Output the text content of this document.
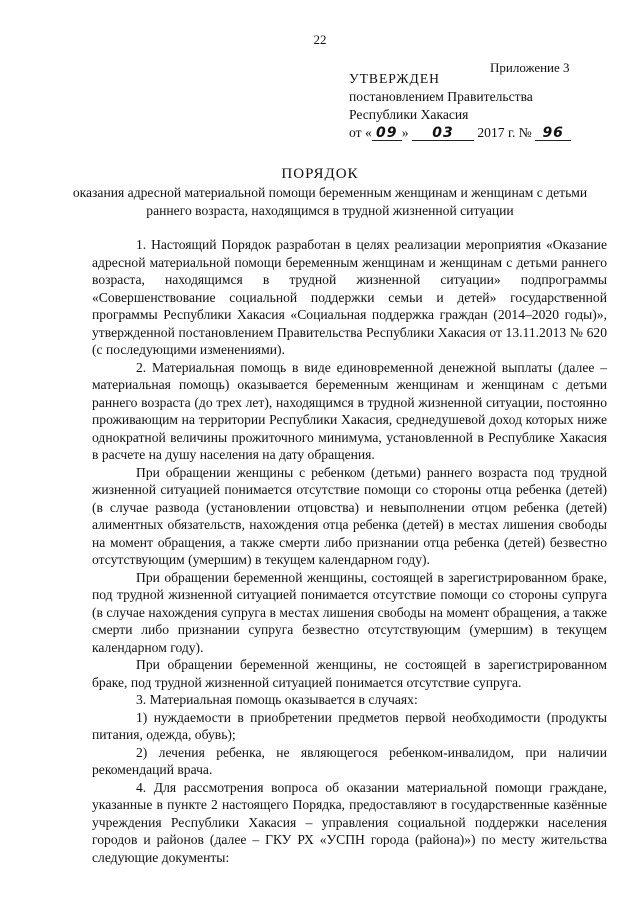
22
Приложение 3
УТВЕРЖДЕН
постановлением Правительства
Республики Хакасия
от « 09 » 03 2017 г. № 96
ПОРЯДОК
оказания адресной материальной помощи беременным женщинам и женщинам с детьми раннего возраста, находящимся в трудной жизненной ситуации

1. Настоящий Порядок разработан в целях реализации мероприятия «Оказание адресной материальной помощи беременным женщинам и женщинам с детьми раннего возраста, находящимся в трудной жизненной ситуации» подпрограммы «Совершенствование социальной поддержки семьи и детей» государственной программы Республики Хакасия «Социальная поддержка граждан (2014–2020 годы)», утвержденной постановлением Правительства Республики Хакасия от 13.11.2013 № 620 (с последующими изменениями).

2. Материальная помощь в виде единовременной денежной выплаты (далее – материальная помощь) оказывается беременным женщинам и женщинам с детьми раннего возраста (до трех лет), находящимся в трудной жизненной ситуации, постоянно проживающим на территории Республики Хакасия, среднедушевой доход которых ниже однократной величины прожиточного минимума, установленной в Республике Хакасия в расчете на душу населения на дату обращения.

При обращении женщины с ребенком (детьми) раннего возраста под трудной жизненной ситуацией понимается отсутствие помощи со стороны отца ребенка (детей) (в случае развода (установлении отцовства) и невыполнении отцом ребенка (детей) алиментных обязательств, нахождения отца ребенка (детей) в местах лишения свободы на момент обращения, а также смерти либо признании отца ребенка (детей) безвестно отсутствующим (умершим) в текущем календарном году).

При обращении беременной женщины, состоящей в зарегистрированном браке, под трудной жизненной ситуацией понимается отсутствие помощи со стороны супруга (в случае нахождения супруга в местах лишения свободы на момент обращения, а также смерти либо признании супруга безвестно отсутствующим (умершим) в текущем календарном году).

При обращении беременной женщины, не состоящей в зарегистрированном браке, под трудной жизненной ситуацией понимается отсутствие супруга.

3. Материальная помощь оказывается в случаях:

1) нуждаемости в приобретении предметов первой необходимости (продукты питания, одежда, обувь);

2) лечения ребенка, не являющегося ребенком-инвалидом, при наличии рекомендаций врача.

4. Для рассмотрения вопроса об оказании материальной помощи граждане, указанные в пункте 2 настоящего Порядка, предоставляют в государственные казённые учреждения Республики Хакасия – управления социальной поддержки населения городов и районов (далее – ГКУ РХ «УСПН города (района)») по месту жительства следующие документы:
